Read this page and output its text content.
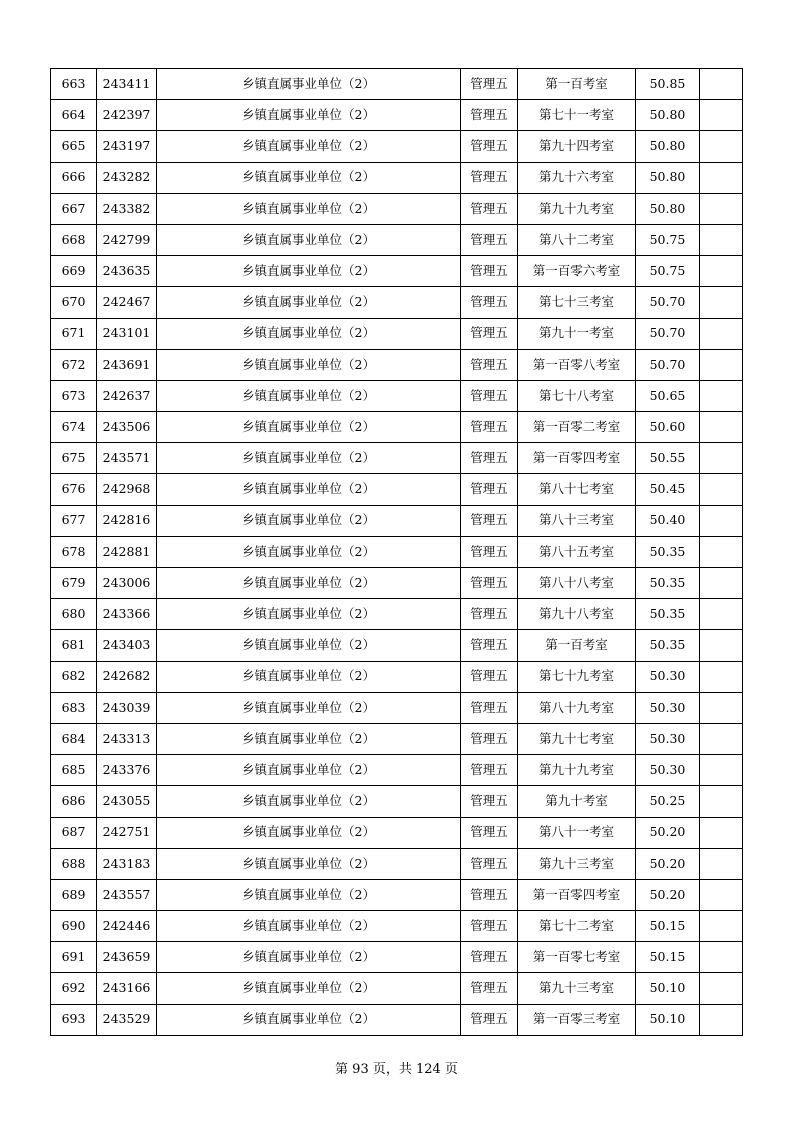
663	243411	乡镇直属事业单位（2）	管理五	第一百考室	50.85	
664	242397	乡镇直属事业单位（2）	管理五	第七十一考室	50.80	
665	243197	乡镇直属事业单位（2）	管理五	第九十四考室	50.80	
666	243282	乡镇直属事业单位（2）	管理五	第九十六考室	50.80	
667	243382	乡镇直属事业单位（2）	管理五	第九十九考室	50.80	
668	242799	乡镇直属事业单位（2）	管理五	第八十二考室	50.75	
669	243635	乡镇直属事业单位（2）	管理五	第一百零六考室	50.75	
670	242467	乡镇直属事业单位（2）	管理五	第七十三考室	50.70	
671	243101	乡镇直属事业单位（2）	管理五	第九十一考室	50.70	
672	243691	乡镇直属事业单位（2）	管理五	第一百零八考室	50.70	
673	242637	乡镇直属事业单位（2）	管理五	第七十八考室	50.65	
674	243506	乡镇直属事业单位（2）	管理五	第一百零二考室	50.60	
675	243571	乡镇直属事业单位（2）	管理五	第一百零四考室	50.55	
676	242968	乡镇直属事业单位（2）	管理五	第八十七考室	50.45	
677	242816	乡镇直属事业单位（2）	管理五	第八十三考室	50.40	
678	242881	乡镇直属事业单位（2）	管理五	第八十五考室	50.35	
679	243006	乡镇直属事业单位（2）	管理五	第八十八考室	50.35	
680	243366	乡镇直属事业单位（2）	管理五	第九十八考室	50.35	
681	243403	乡镇直属事业单位（2）	管理五	第一百考室	50.35	
682	242682	乡镇直属事业单位（2）	管理五	第七十九考室	50.30	
683	243039	乡镇直属事业单位（2）	管理五	第八十九考室	50.30	
684	243313	乡镇直属事业单位（2）	管理五	第九十七考室	50.30	
685	243376	乡镇直属事业单位（2）	管理五	第九十九考室	50.30	
686	243055	乡镇直属事业单位（2）	管理五	第九十考室	50.25	
687	242751	乡镇直属事业单位（2）	管理五	第八十一考室	50.20	
688	243183	乡镇直属事业单位（2）	管理五	第九十三考室	50.20	
689	243557	乡镇直属事业单位（2）	管理五	第一百零四考室	50.20	
690	242446	乡镇直属事业单位（2）	管理五	第七十二考室	50.15	
691	243659	乡镇直属事业单位（2）	管理五	第一百零七考室	50.15	
692	243166	乡镇直属事业单位（2）	管理五	第九十三考室	50.10	
693	243529	乡镇直属事业单位（2）	管理五	第一百零三考室	50.10	
第 93 页，共 124 页
